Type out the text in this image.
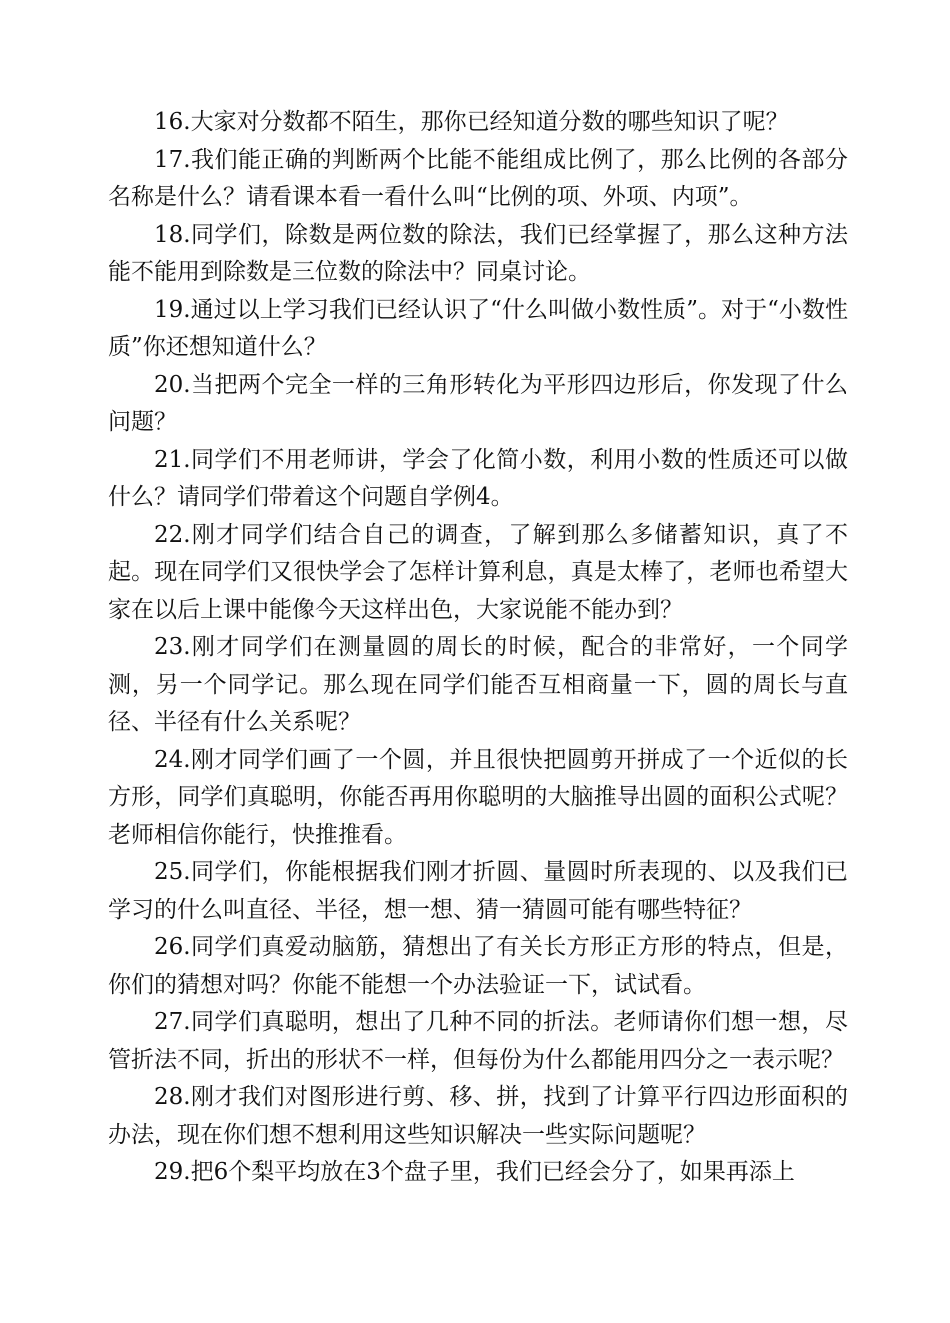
16.大家对分数都不陌生，那你已经知道分数的哪些知识了呢？

17.我们能正确的判断两个比能不能组成比例了，那么比例的各部分名称是什么？请看课本看一看什么叫“比例的项、外项、内项”。

18.同学们，除数是两位数的除法，我们已经掌握了，那么这种方法能不能用到除数是三位数的除法中？同桌讨论。

19.通过以上学习我们已经认识了“什么叫做小数性质”。对于“小数性质”你还想知道什么？

20.当把两个完全一样的三角形转化为平形四边形后，你发现了什么问题？

21.同学们不用老师讲，学会了化简小数，利用小数的性质还可以做什么？请同学们带着这个问题自学例4。

22.刚才同学们结合自己的调查，了解到那么多储蓄知识，真了不起。现在同学们又很快学会了怎样计算利息，真是太棒了，老师也希望大家在以后上课中能像今天这样出色，大家说能不能办到？

23.刚才同学们在测量圆的周长的时候，配合的非常好，一个同学测，另一个同学记。那么现在同学们能否互相商量一下，圆的周长与直径、半径有什么关系呢？

24.刚才同学们画了一个圆，并且很快把圆剪开拼成了一个近似的长方形，同学们真聪明，你能否再用你聪明的大脑推导出圆的面积公式呢？老师相信你能行，快推推看。

25.同学们，你能根据我们刚才折圆、量圆时所表现的、以及我们已学习的什么叫直径、半径，想一想、猜一猜圆可能有哪些特征？

26.同学们真爱动脑筋，猜想出了有关长方形正方形的特点，但是，你们的猜想对吗？你能不能想一个办法验证一下，试试看。

27.同学们真聪明，想出了几种不同的折法。老师请你们想一想，尽管折法不同，折出的形状不一样，但每份为什么都能用四分之一表示呢？

28.刚才我们对图形进行剪、移、拼，找到了计算平行四边形面积的办法，现在你们想不想利用这些知识解决一些实际问题呢？

29.把6个梨平均放在3个盘子里，我们已经会分了，如果再添上
